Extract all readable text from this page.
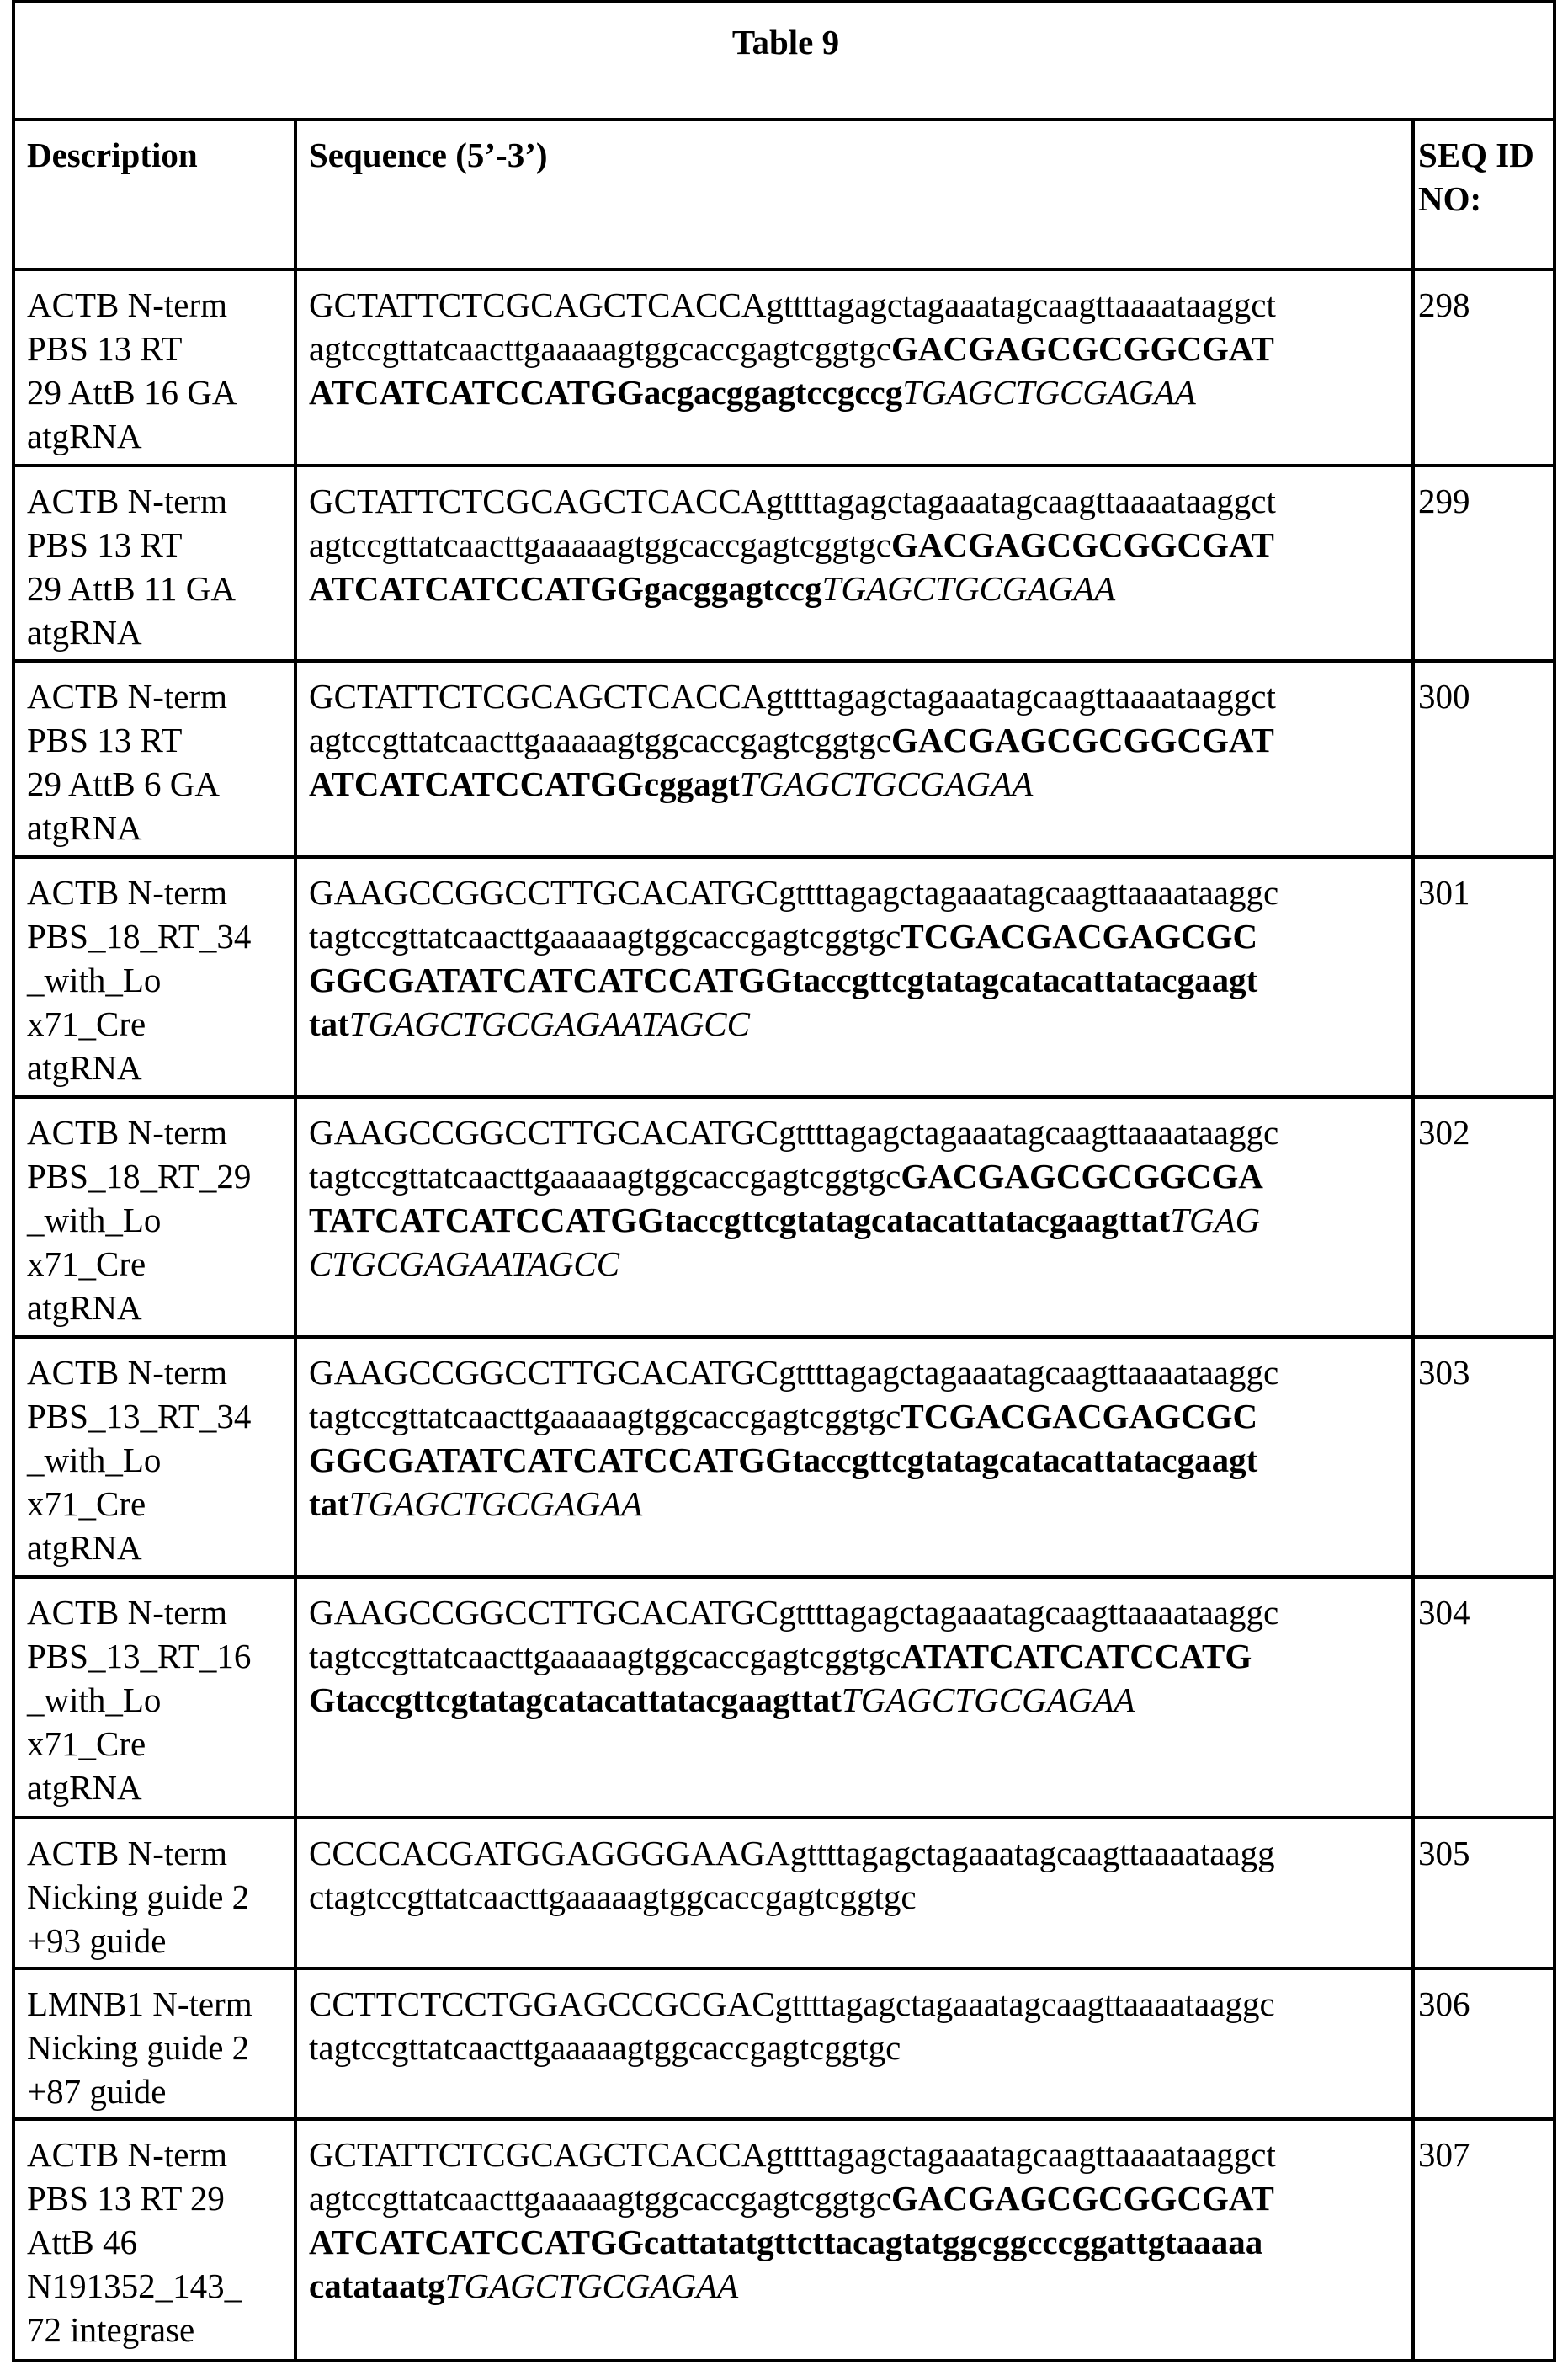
Table 9
Description	Sequence (5’-3’)	SEQ ID NO:

ACTB N-term
PBS 13 RT
29 AttB 16 GA
atgRNA

GCTATTCTCGCAGCTCACCAgttttagagctagaaatagcaagttaaaataaggct
agtccgttatcaacttgaaaaagtggcaccgagtcggtgcGACGAGCGCGGCGAT
ATCATCATCCATGGacgacggagtccgccgTGAGCTGCGAGAA
	298

ACTB N-term
PBS 13 RT
29 AttB 11 GA
atgRNA

GCTATTCTCGCAGCTCACCAgttttagagctagaaatagcaagttaaaataaggct
agtccgttatcaacttgaaaaagtggcaccgagtcggtgcGACGAGCGCGGCGAT
ATCATCATCCATGGgacggagtccgTGAGCTGCGAGAA
	299

ACTB N-term
PBS 13 RT
29 AttB 6 GA
atgRNA

GCTATTCTCGCAGCTCACCAgttttagagctagaaatagcaagttaaaataaggct
agtccgttatcaacttgaaaaagtggcaccgagtcggtgcGACGAGCGCGGCGAT
ATCATCATCCATGGcggagtTGAGCTGCGAGAA
	300

ACTB N-term
PBS_18_RT_34
_with_Lo
x71_Cre
atgRNA

GAAGCCGGCCTTGCACATGCgttttagagctagaaatagcaagttaaaataaggc
tagtccgttatcaacttgaaaaagtggcaccgagtcggtgcTCGACGACGAGCGC
GGCGATATCATCATCCATGGtaccgttcgtatagcatacattatacgaagt
tatTGAGCTGCGAGAATAGCC
	301

ACTB N-term
PBS_18_RT_29
_with_Lo
x71_Cre
atgRNA

GAAGCCGGCCTTGCACATGCgttttagagctagaaatagcaagttaaaataaggc
tagtccgttatcaacttgaaaaagtggcaccgagtcggtgcGACGAGCGCGGCGA
TATCATCATCCATGGtaccgttcgtatagcatacattatacgaagttatTGAG
CTGCGAGAATAGCC
	302

ACTB N-term
PBS_13_RT_34
_with_Lo
x71_Cre
atgRNA

GAAGCCGGCCTTGCACATGCgttttagagctagaaatagcaagttaaaataaggc
tagtccgttatcaacttgaaaaagtggcaccgagtcggtgcTCGACGACGAGCGC
GGCGATATCATCATCCATGGtaccgttcgtatagcatacattatacgaagt
tatTGAGCTGCGAGAA
	303

ACTB N-term
PBS_13_RT_16
_with_Lo
x71_Cre
atgRNA

GAAGCCGGCCTTGCACATGCgttttagagctagaaatagcaagttaaaataaggc
tagtccgttatcaacttgaaaaagtggcaccgagtcggtgcATATCATCATCCATG
GtaccgttcgtatagcatacattatacgaagttatTGAGCTGCGAGAA
	304

ACTB N-term
Nicking guide 2
+93 guide

CCCCACGATGGAGGGGAAGAgttttagagctagaaatagcaagttaaaataagg
ctagtccgttatcaacttgaaaaagtggcaccgagtcggtgc
	305

LMNB1 N-term
Nicking guide 2
+87 guide

CCTTCTCCTGGAGCCGCGACgttttagagctagaaatagcaagttaaaataaggc
tagtccgttatcaacttgaaaaagtggcaccgagtcggtgc
	306

ACTB N-term
PBS 13 RT 29
AttB 46
N191352_143_
72 integrase

GCTATTCTCGCAGCTCACCAgttttagagctagaaatagcaagttaaaataaggct
agtccgttatcaacttgaaaaagtggcaccgagtcggtgcGACGAGCGCGGCGAT
ATCATCATCCATGGcattatatgttcttacagtatggcggcccggattgtaaaaa
catataatgTGAGCTGCGAGAA
	307
